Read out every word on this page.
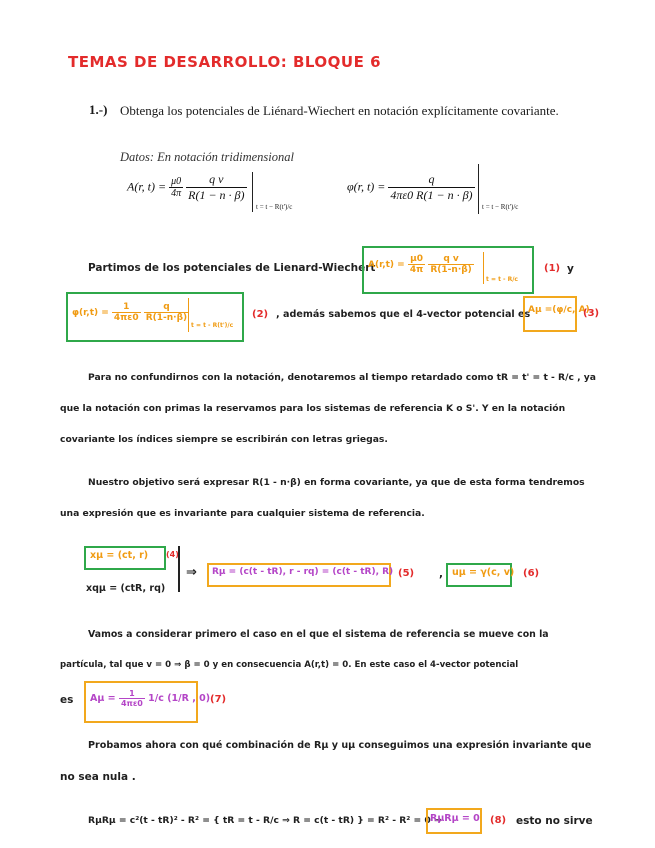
TEMAS DE DESARROLLO: BLOQUE 6
1.-) Obtenga los potenciales de Liénard-Wiechert en notación explícitamente covariante.
Datos: En notación tridimensional
A(r, $t) = \frac{\mu 0}{4\pi}$
$\frac{\text{q v}}{R(1 - n \cdot \beta)}$
t = t − R(t')/c
φ(r, $t) = \frac{q}{4\pi\varepsilon 0 R(1 - n \cdot \beta)}$
t = t − R(t')/c
Partimos de los potenciales de Lienard-Wiechert
$A(r,t) = \frac{\mu 0}{4\pi}$
$\frac{\text{q v}}{R(1-n\cdot\beta)}$
t = t - R/c
(1) y
$\varphi(r,t) = \frac{1}{4\pi\varepsilon 0}$
$\frac{q}{R(1-n\cdot\beta)}$
t = t - R(t')/c
(2) , además sabemos que el 4-vector potencial es
Aμ =(φ/c, A)
(3)
Para no confundirnos con la notación, denotaremos al tiempo retardado como tR = t' = t - R/c , ya
que la notación con primas la reservamos para los sistemas de referencia K o S'. Y en la notación
covariante los índices siempre se escribirán con letras griegas.
Nuestro objetivo será expresar R(1 - n·β) en forma covariante, ya que de esta forma tendremos
una expresión que es invariante para cualquier sistema de referencia.
xμ = (ct, r) (4)
xqμ = (ctR, rq)
⇒ Rμ = (c(t - tR), r - rq) = (c(t - tR), R) (5) , uμ = γ(c, v) (6)
Vamos a considerar primero el caso en el que el sistema de referencia se mueve con la
partícula, tal que v = 0 ⇒ β = 0 y en consecuencia A(r,t) = 0. En este caso el 4-vector potencial
es $A\mu = \frac{1}{4\pi\varepsilon 0} 1/c$ (1/R , 0) (7)
Probamos ahora con qué combinación de Rμ y uμ conseguimos una expresión invariante que
no sea nula .
RμRμ = c²(t - tR)² - R² = { tR = t - R/c ⇒ R = c(t - tR) } = R² - R² = 0 ⇒
RμRμ = 0 (8) esto no sirve
